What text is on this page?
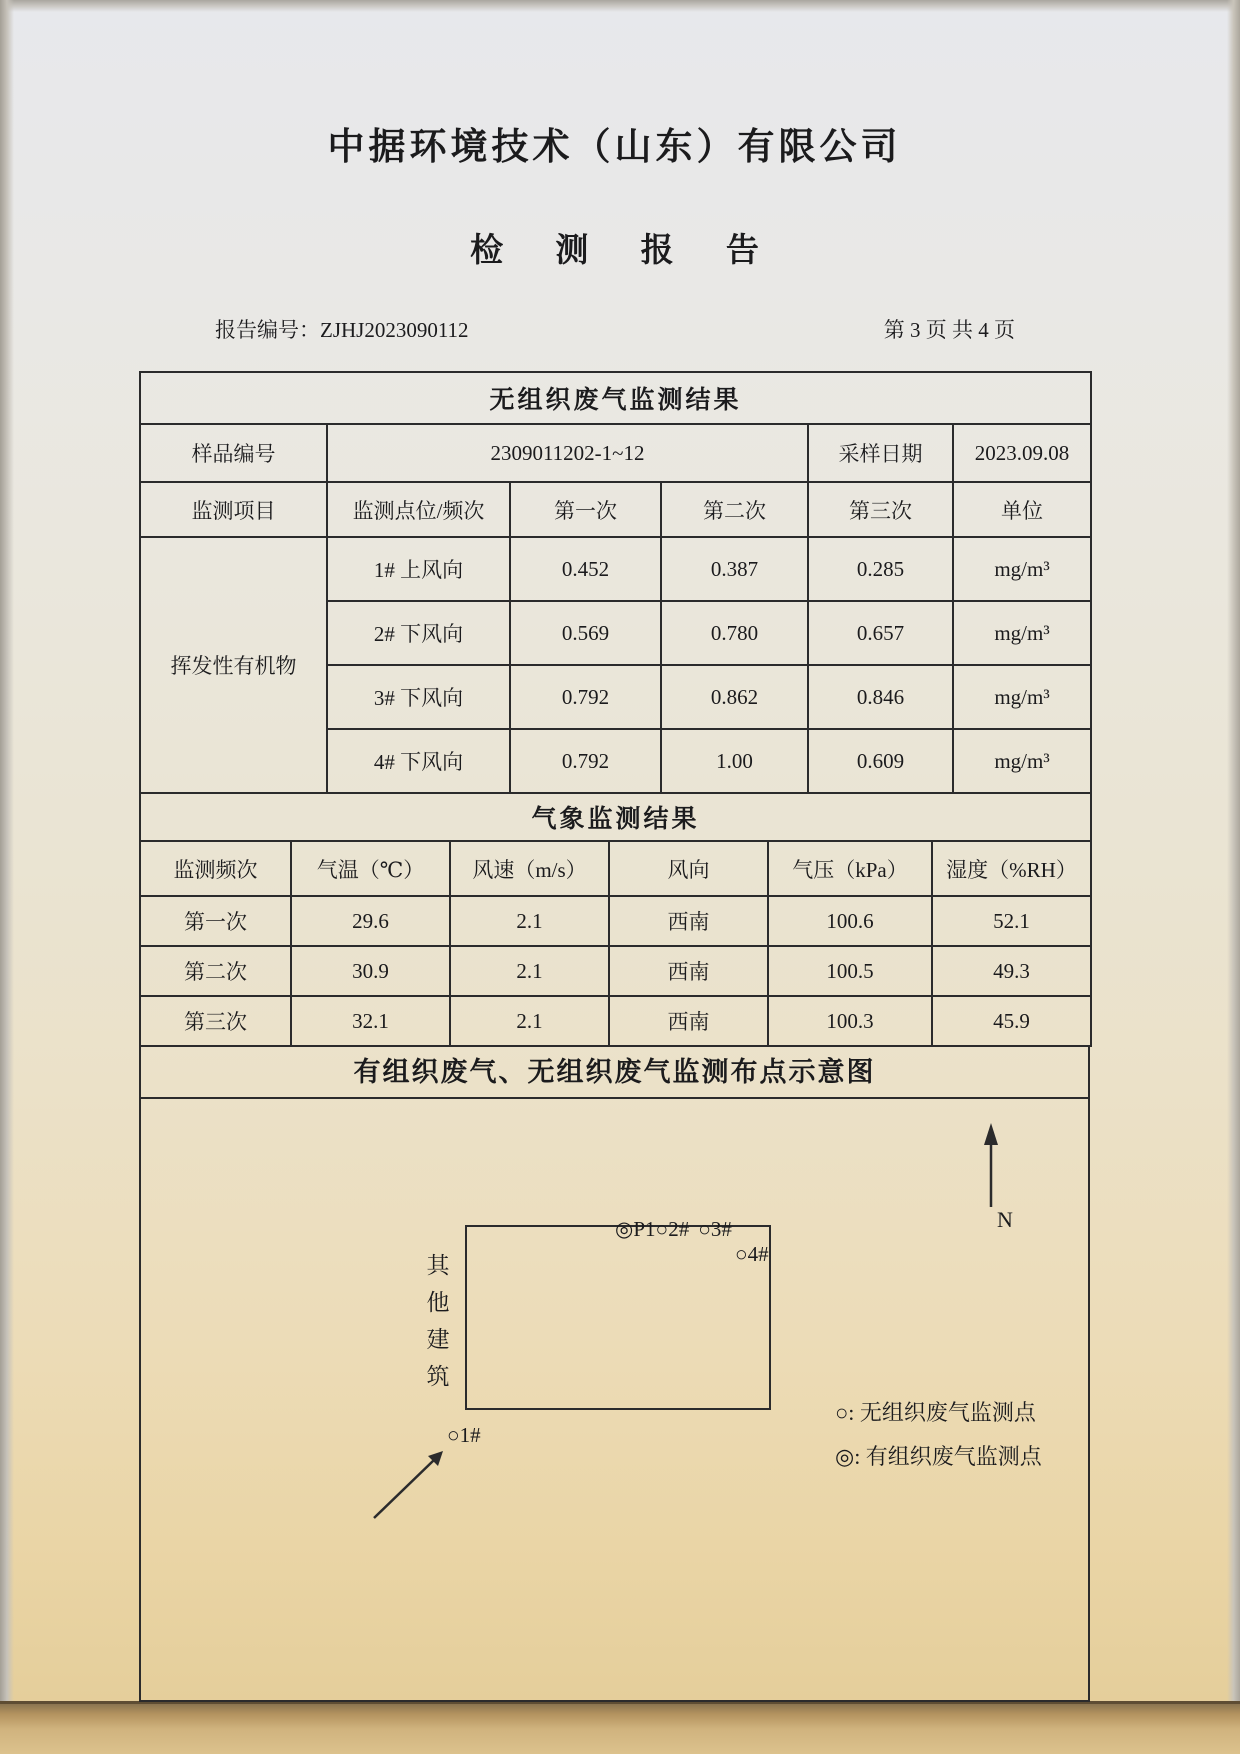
中据环境技术（山东）有限公司
检 测 报 告
报告编号：ZJHJ2023090112	第 3 页 共 4 页
无组织废气监测结果					
样品编号	2309011202-1~12			采样日期	2023.09.08
监测项目	监测点位/频次	第一次	第二次	第三次	单位
挥发性有机物	1# 上风向	0.452	0.387	0.285	mg/m³
	2# 下风向	0.569	0.780	0.657	mg/m³
	3# 下风向	0.792	0.862	0.846	mg/m³
	4# 下风向	0.792	1.00	0.609	mg/m³
气象监测结果					
监测频次	气温（℃）	风速（m/s）	风向	气压（kPa）	湿度（%RH）
第一次	29.6	2.1	西南	100.6	52.1
第二次	30.9	2.1	西南	100.5	49.3
第三次	32.1	2.1	西南	100.3	45.9
有组织废气、无组织废气监测布点示意图
N
◎P1○2# ○3#
○4#
其他建筑
○1#
○: 无组织废气监测点
◎: 有组织废气监测点
